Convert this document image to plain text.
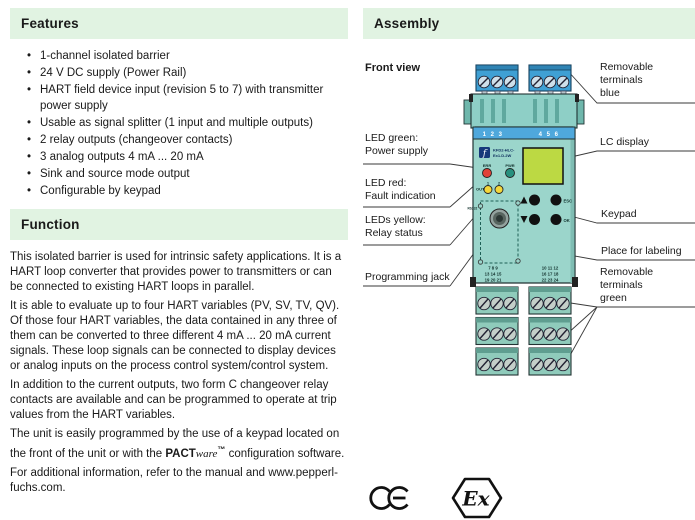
Features
• 1-channel isolated barrier
• 24 V DC supply (Power Rail)
• HART field device input (revision 5 to 7) with transmitter power supply
• Usable as signal splitter (1 input and multiple outputs)
• 2 relay outputs (changeover contacts)
• 3 analog outputs 4 mA ... 20 mA
• Sink and source mode output
• Configurable by keypad
Function

This isolated barrier is used for intrinsic safety applications. It is a HART loop converter that provides power to transmitters or can be connected to existing HART loops in parallel.

It is able to evaluate up to four HART variables (PV, SV, TV, QV). Of those four HART variables, the data contained in any three of them can be converted to three different 4 mA ... 20 mA current signals. These loop signals can be connected to display devices or analog inputs on the process control system/control system.

In addition to the current outputs, two form C changeover relay contacts are available and can be programmed to operate at trip values from the HART variables.

The unit is easily programmed by the use of a keypad located on the front of the unit or with the PACTware™ configuration software.

For additional information, refer to the manual and www.pepperl-fuchs.com.

Assembly
1 2 3	4 5 6
f	KFD2-HLC-
Ex1.D.2W
ERR	PWR
OUT
1 2
ESC
OK
RS232
7 8 9
13 14 15
19 20 21
10 11 12
16 17 18
22 23 24
Ex
Front view
LED green:
Power supply
LED red:
Fault indication
LEDs yellow:
Relay status
Programming jack
Removable
terminals
blue
LC display
Keypad
Place for labeling
Removable
terminals
green
